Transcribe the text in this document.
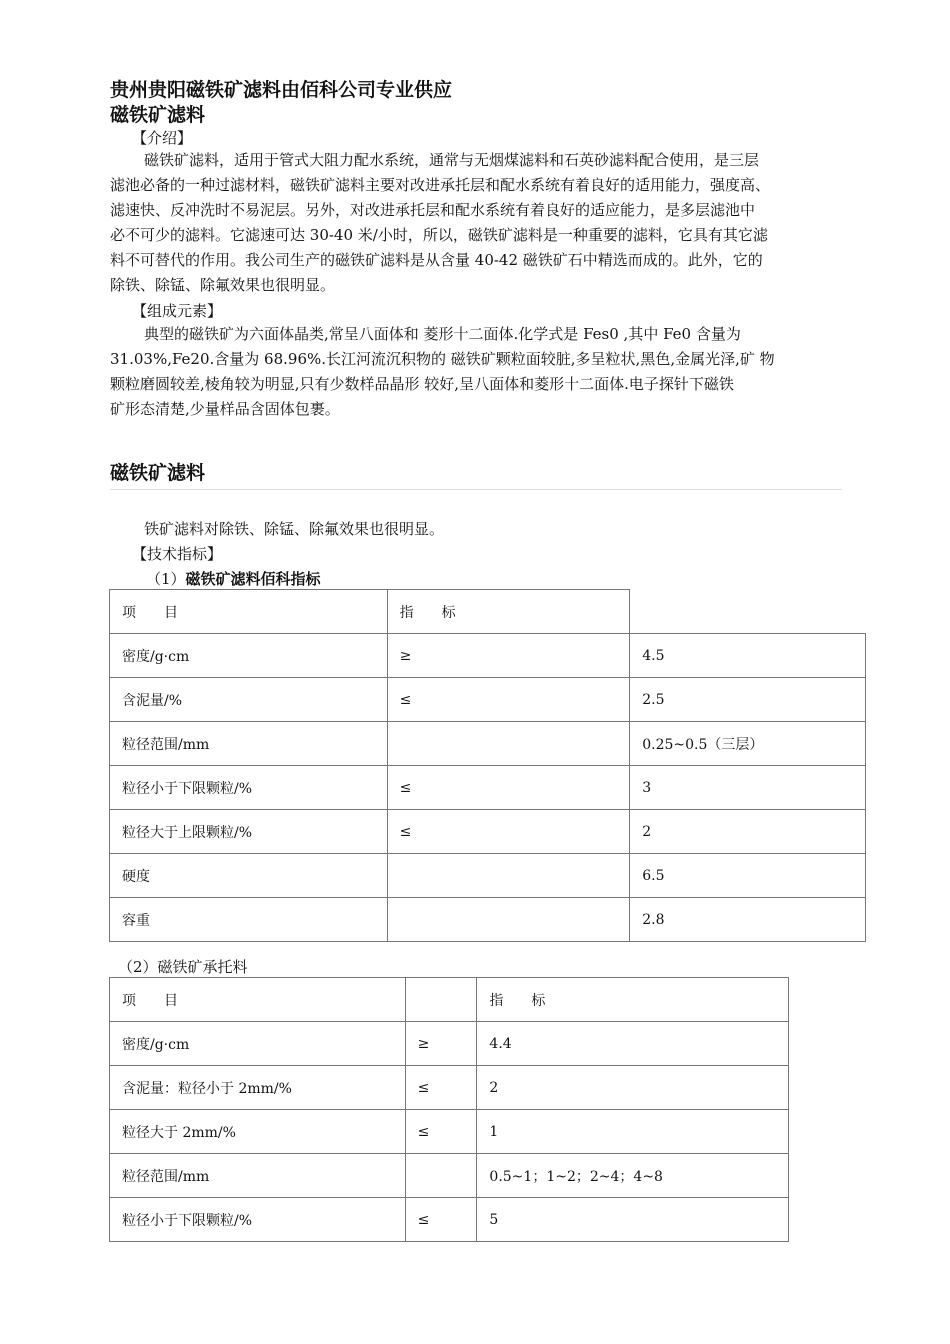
贵州贵阳磁铁矿滤料由佰科公司专业供应
磁铁矿滤料
【介绍】
磁铁矿滤料，适用于管式大阻力配水系统，通常与无烟煤滤料和石英砂滤料配合使用，是三层
滤池必备的一种过滤材料，磁铁矿滤料主要对改进承托层和配水系统有着良好的适用能力，强度高、
滤速快、反冲洗时不易泥层。另外，对改进承托层和配水系统有着良好的适应能力，是多层滤池中
必不可少的滤料。它滤速可达 30-40 米/小时，所以，磁铁矿滤料是一种重要的滤料，它具有其它滤
料不可替代的作用。我公司生产的磁铁矿滤料是从含量 40-42 磁铁矿石中精选而成的。此外，它的
除铁、除锰、除氟效果也很明显。
【组成元素】
典型的磁铁矿为六面体晶类,常呈八面体和 菱形十二面体.化学式是 Fes0 ,其中 Fe0 含量为
31.03%,Fe20.含量为 68.96%.长江河流沉积物的 磁铁矿颗粒面较脏,多呈粒状,黑色,金属光泽,矿 物
颗粒磨圆较差,棱角较为明显,只有少数样品晶形 较好,呈八面体和菱形十二面体.电子探针下磁铁
矿形态清楚,少量样品含固体包裹。
磁铁矿滤料
铁矿滤料对除铁、除锰、除氟效果也很明显。
【技术指标】
（1）磁铁矿滤料佰科指标
项　　目	指　　标	
密度/g·cm	≥	4.5
含泥量/%	≤	2.5
粒径范围/mm		0.25~0.5（三层）
粒径小于下限颗粒/%	≤	3
粒径大于上限颗粒/%	≤	2
硬度		6.5
容重		2.8
（2）磁铁矿承托料
项　　目		指　　标
密度/g·cm	≥	4.4
含泥量：粒径小于 2mm/%	≤	2
粒径大于 2mm/%	≤	1
粒径范围/mm		0.5~1；1~2；2~4；4~8
粒径小于下限颗粒/%	≤	5
